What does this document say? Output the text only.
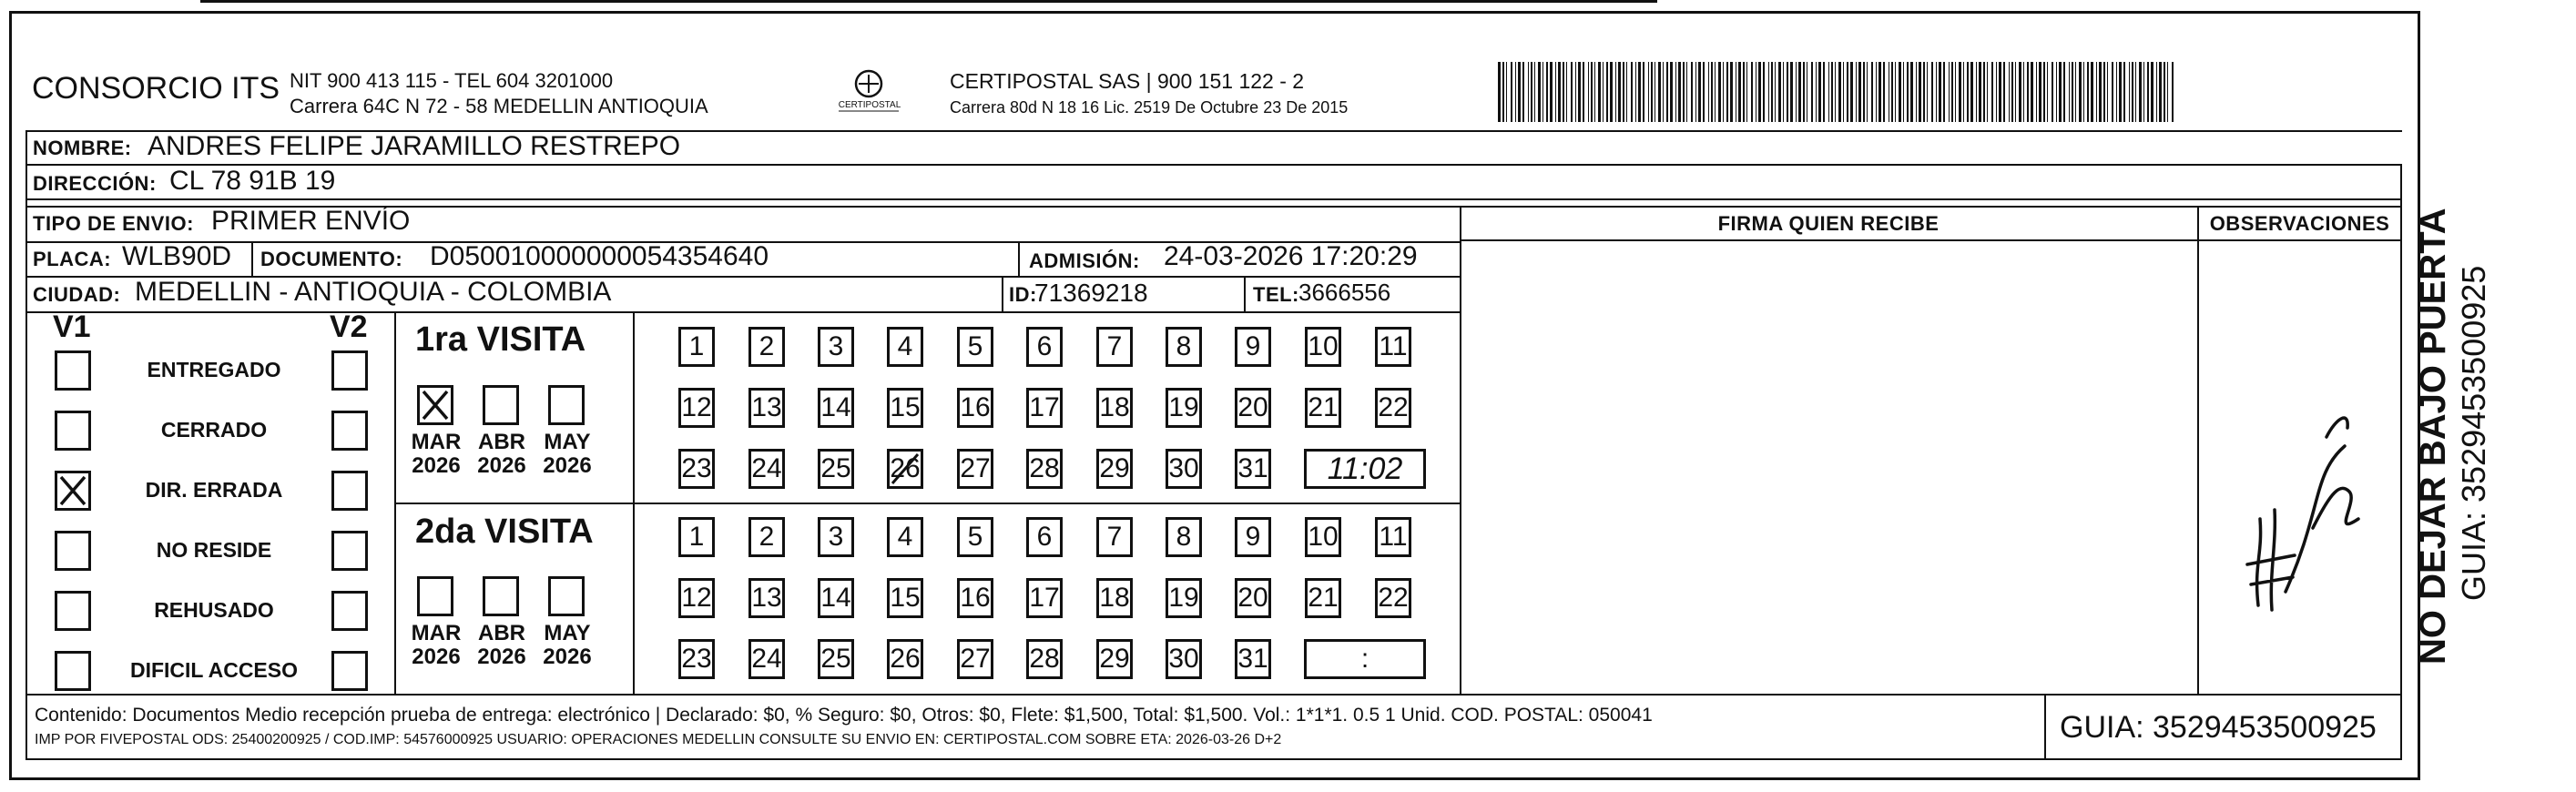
CONSORCIO ITS NIT 900 413 115 - TEL 604 3201000
Carrera 64C N 72 - 58 MEDELLIN ANTIOQUIA	CERTIPOSTAL
CERTIPOSTAL SAS | 900 151 122 - 2
Carrera 80d N 18 16 Lic. 2519 De Octubre 23 De 2015
NOMBRE: ANDRES FELIPE JARAMILLO RESTREPO
DIRECCIÓN: CL 78 91B 19
TIPO DE ENVIO: PRIMER ENVÍO	FIRMA QUIEN RECIBE	OBSERVACIONES
PLACA: WLB90D DOCUMENTO: D050010000000054354640	ADMISIÓN: 24-03-2026 17:20:29
CIUDAD: MEDELLIN - ANTIOQUIA - COLOMBIA	ID:
71369218	TEL: 3666556
V1	V2
ENTREGADO
CERRADO
DIR. ERRADA
NO RESIDE
REHUSADO
DIFICIL ACCESO
1ra VISITA
MAR
2026
ABR
2026
MAY
2026
1	2	3	4	5	6	7	8	9	10 11
12 13 14 15 16 17 18 19 20 21 22
23 24 25 26 27 28 29 30 31	11:02
2da VISITA
MAR
2026
ABR
2026
MAY
2026
1	2	3	4	5	6	7	8	9	10 11
12 13 14 15 16 17 18 19 20 21 22
23 24 25 26 27 28 29 30 31	:	NO DEJAR BAJO PUERTA GUIA: 3529453500925
Contenido: Documentos Medio recepción prueba de entrega: electrónico | Declarado: $0, % Seguro: $0, Otros: $0, Flete: $1,500, Total: $1,500. Vol.: 1*1*1. 0.5 1 Unid. COD. POSTAL: 050041
IMP POR FIVEPOSTAL ODS: 25400200925 / COD.IMP: 54576000925 USUARIO: OPERACIONES MEDELLIN CONSULTE SU ENVIO EN: CERTIPOSTAL.COM SOBRE ETA: 2026-03-26 D+2	GUIA: 3529453500925
